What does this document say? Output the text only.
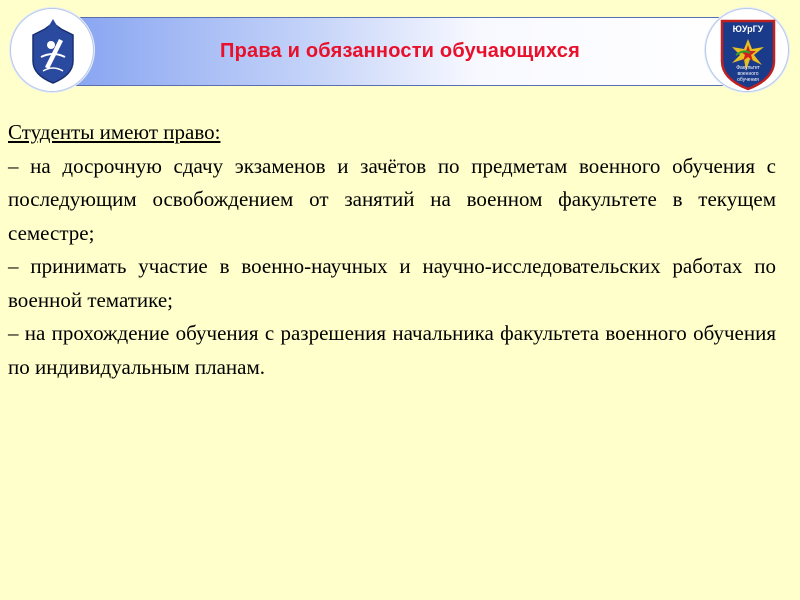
Права и обязанности обучающихся
ЮУрГУ
Факультет
военного
обучения
Студенты имеют право:
– на досрочную сдачу экзаменов и зачётов по предметам военного обучения с последующим освобождением от занятий на военном факультете в текущем семестре;
– принимать участие в военно-научных и научно-исследовательских работах по военной тематике;
– на прохождение обучения с разрешения начальника факультета военного обучения по индивидуальным планам.
